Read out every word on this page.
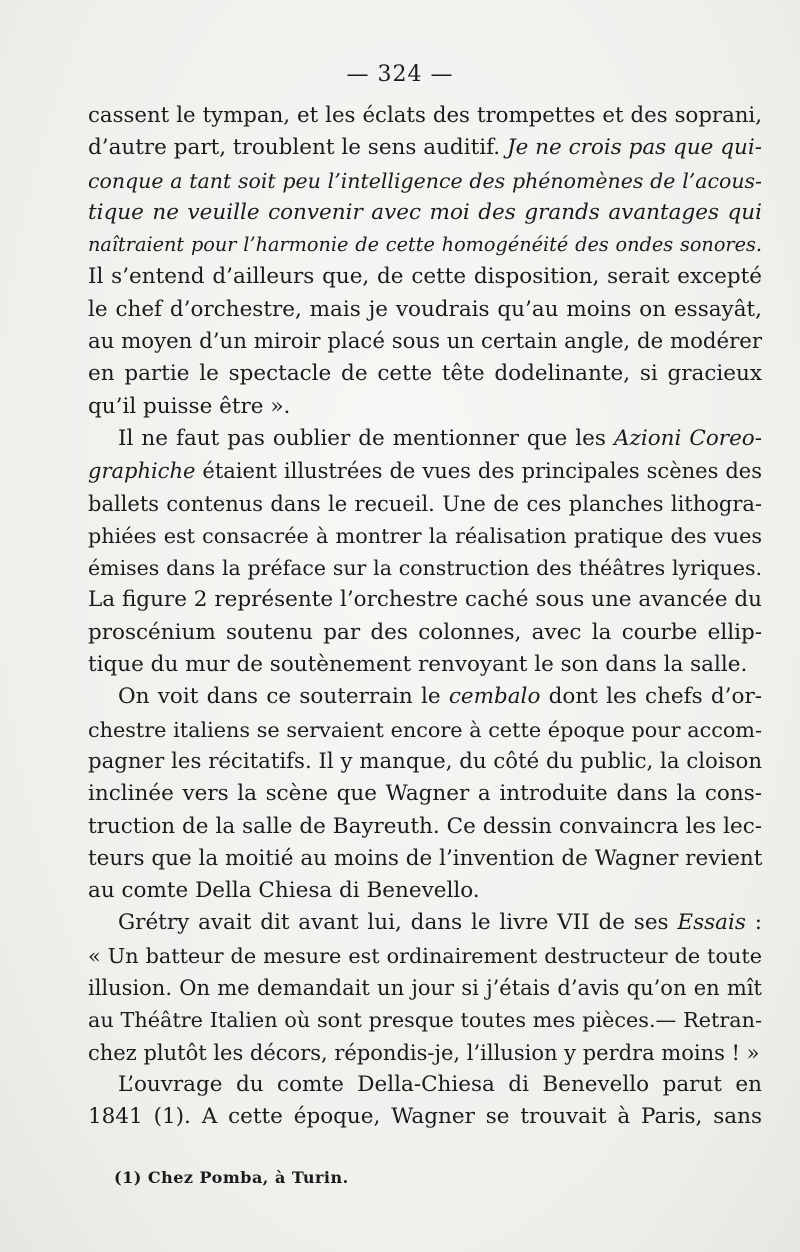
— 324 —
cassent le tympan, et les éclats des trompettes et des soprani,
d’autre part, troublent le sens auditif. Je ne crois pas que qui-
conque a tant soit peu l’intelligence des phénomènes de l’acous-
tique ne veuille convenir avec moi des grands avantages qui
naîtraient pour l’harmonie de cette homogénéité des ondes sonores.
Il s’entend d’ailleurs que, de cette disposition, serait excepté
le chef d’orchestre, mais je voudrais qu’au moins on essayât,
au moyen d’un miroir placé sous un certain angle, de modérer
en partie le spectacle de cette tête dodelinante, si gracieux
qu’il puisse être ».
Il ne faut pas oublier de mentionner que les Azioni Coreo-
graphiche étaient illustrées de vues des principales scènes des
ballets contenus dans le recueil. Une de ces planches lithogra-
phiées est consacrée à montrer la réalisation pratique des vues
émises dans la préface sur la construction des théâtres lyriques.
La figure 2 représente l’orchestre caché sous une avancée du
proscénium soutenu par des colonnes, avec la courbe ellip-
tique du mur de soutènement renvoyant le son dans la salle.
On voit dans ce souterrain le cembalo dont les chefs d’or-
chestre italiens se servaient encore à cette époque pour accom-
pagner les récitatifs. Il y manque, du côté du public, la cloison
inclinée vers la scène que Wagner a introduite dans la cons-
truction de la salle de Bayreuth. Ce dessin convaincra les lec-
teurs que la moitié au moins de l’invention de Wagner revient
au comte Della Chiesa di Benevello.
Grétry avait dit avant lui, dans le livre VII de ses Essais :
« Un batteur de mesure est ordinairement destructeur de toute
illusion. On me demandait un jour si j’étais d’avis qu’on en mît
au Théâtre Italien où sont presque toutes mes pièces.— Retran-
chez plutôt les décors, répondis-je, l’illusion y perdra moins ! »
L’ouvrage du comte Della-Chiesa di Benevello parut en
1841 (1). A cette époque, Wagner se trouvait à Paris, sans
(1) Chez Pomba, à Turin.
